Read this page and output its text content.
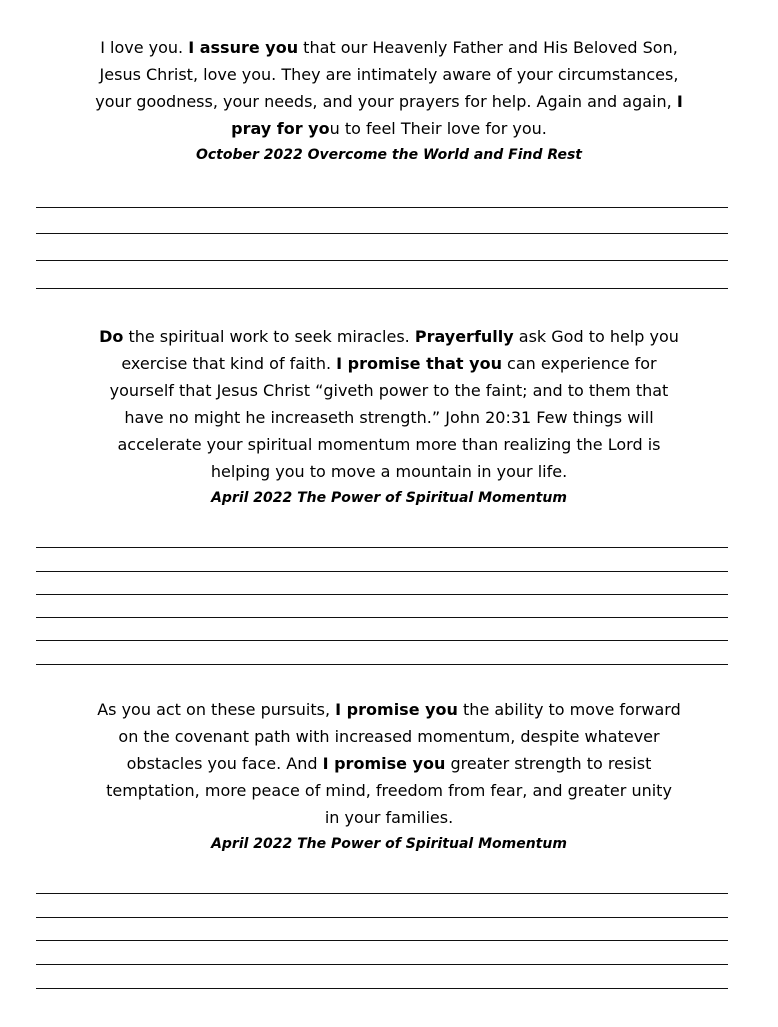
I love you. I assure you that our Heavenly Father and His Beloved Son,
Jesus Christ, love you. They are intimately aware of your circumstances,
your goodness, your needs, and your prayers for help. Again and again, I
pray for you to feel Their love for you.
October 2022 Overcome the World and Find Rest
Do the spiritual work to seek miracles. Prayerfully ask God to help you
exercise that kind of faith. I promise that you can experience for
yourself that Jesus Christ “giveth power to the faint; and to them that
have no might he increaseth strength.” John 20:31 Few things will
accelerate your spiritual momentum more than realizing the Lord is
helping you to move a mountain in your life.
April 2022 The Power of Spiritual Momentum
As you act on these pursuits, I promise you the ability to move forward
on the covenant path with increased momentum, despite whatever
obstacles you face. And I promise you greater strength to resist
temptation, more peace of mind, freedom from fear, and greater unity
in your families.
April 2022 The Power of Spiritual Momentum
